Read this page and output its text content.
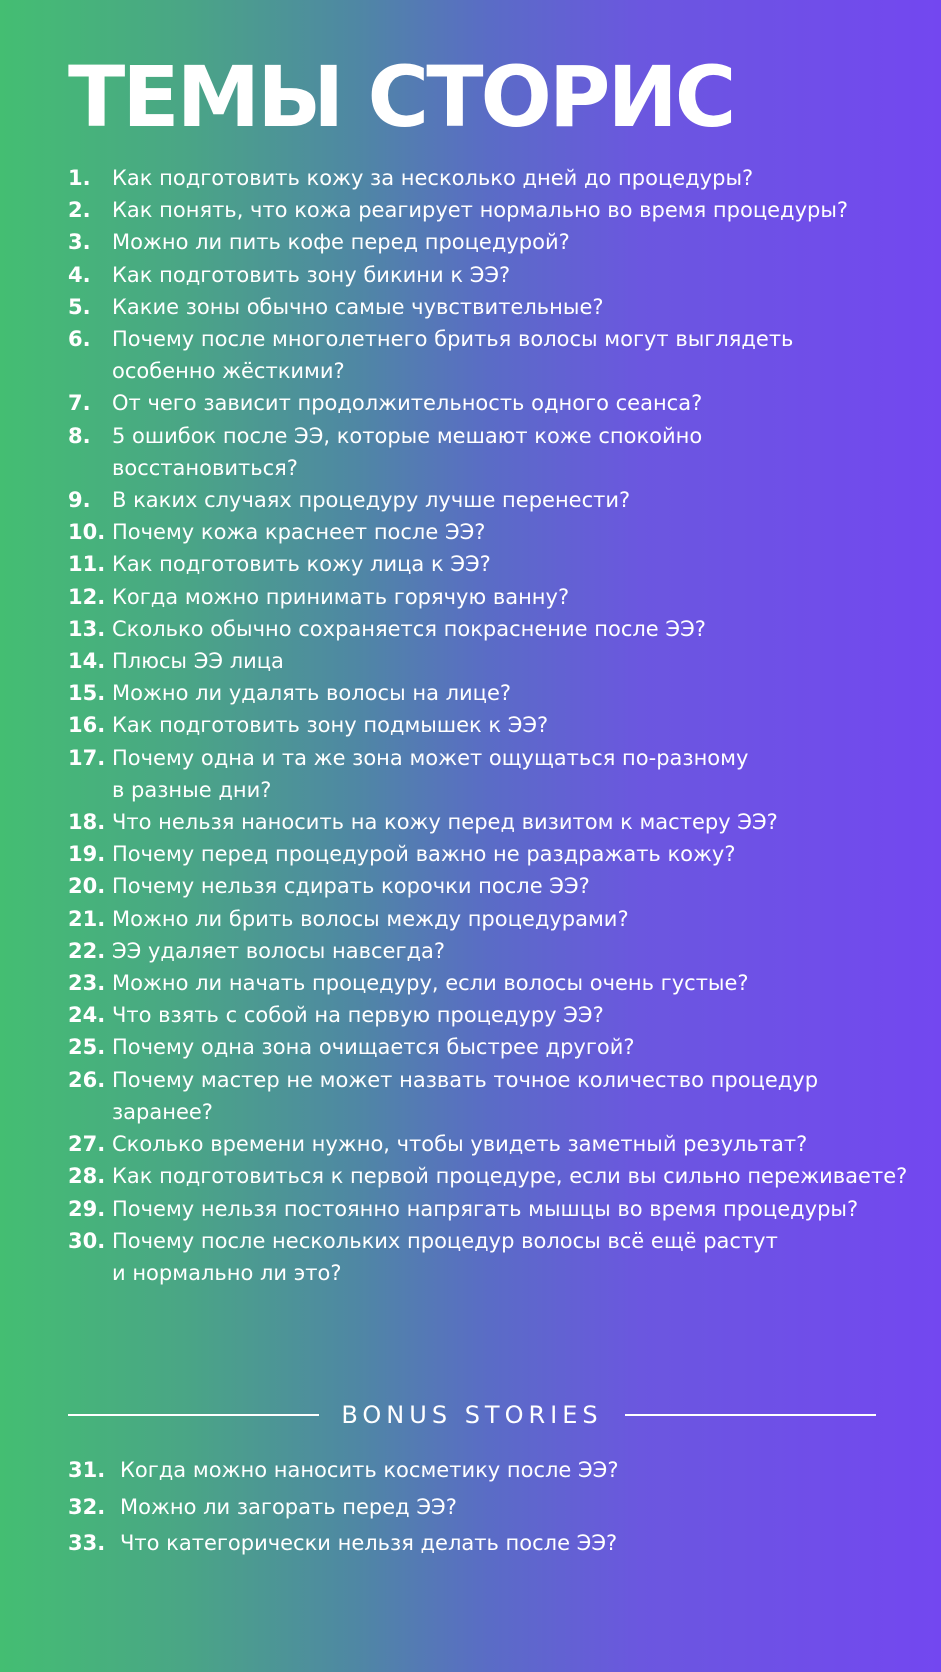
ТЕМЫ СТОРИС
1.	Как подготовить кожу за несколько дней до процедуры?
2.	Как понять, что кожа реагирует нормально во время процедуры?
3.	Можно ли пить кофе перед процедурой?
4.	Как подготовить зону бикини к ЭЭ?
5.	Какие зоны обычно самые чувствительные?
6.	Почему после многолетнего бритья волосы могут выглядеть
особенно жёсткими?
7.	От чего зависит продолжительность одного сеанса?
8.	5 ошибок после ЭЭ, которые мешают коже спокойно
восстановиться?
9.	В каких случаях процедуру лучше перенести?
10. Почему кожа краснеет после ЭЭ?
11. Как подготовить кожу лица к ЭЭ?
12. Когда можно принимать горячую ванну?
13. Сколько обычно сохраняется покраснение после ЭЭ?
14. Плюсы ЭЭ лица
15. Можно ли удалять волосы на лице?
16. Как подготовить зону подмышек к ЭЭ?
17. Почему одна и та же зона может ощущаться по-разному
в разные дни?
18. Что нельзя наносить на кожу перед визитом к мастеру ЭЭ?
19. Почему перед процедурой важно не раздражать кожу?
20. Почему нельзя сдирать корочки после ЭЭ?
21. Можно ли брить волосы между процедурами?
22. ЭЭ удаляет волосы навсегда?
23. Можно ли начать процедуру, если волосы очень густые?
24. Что взять с собой на первую процедуру ЭЭ?
25. Почему одна зона очищается быстрее другой?
26. Почему мастер не может назвать точное количество процедур
заранее?
27. Сколько времени нужно, чтобы увидеть заметный результат?
28. Как подготовиться к первой процедуре, если вы сильно переживаете?
29. Почему нельзя постоянно напрягать мышцы во время процедуры?
30. Почему после нескольких процедур волосы всё ещё растут
и нормально ли это?
BONUS STORIES
31. Когда можно наносить косметику после ЭЭ?
32. Можно ли загорать перед ЭЭ?
33. Что категорически нельзя делать после ЭЭ?
